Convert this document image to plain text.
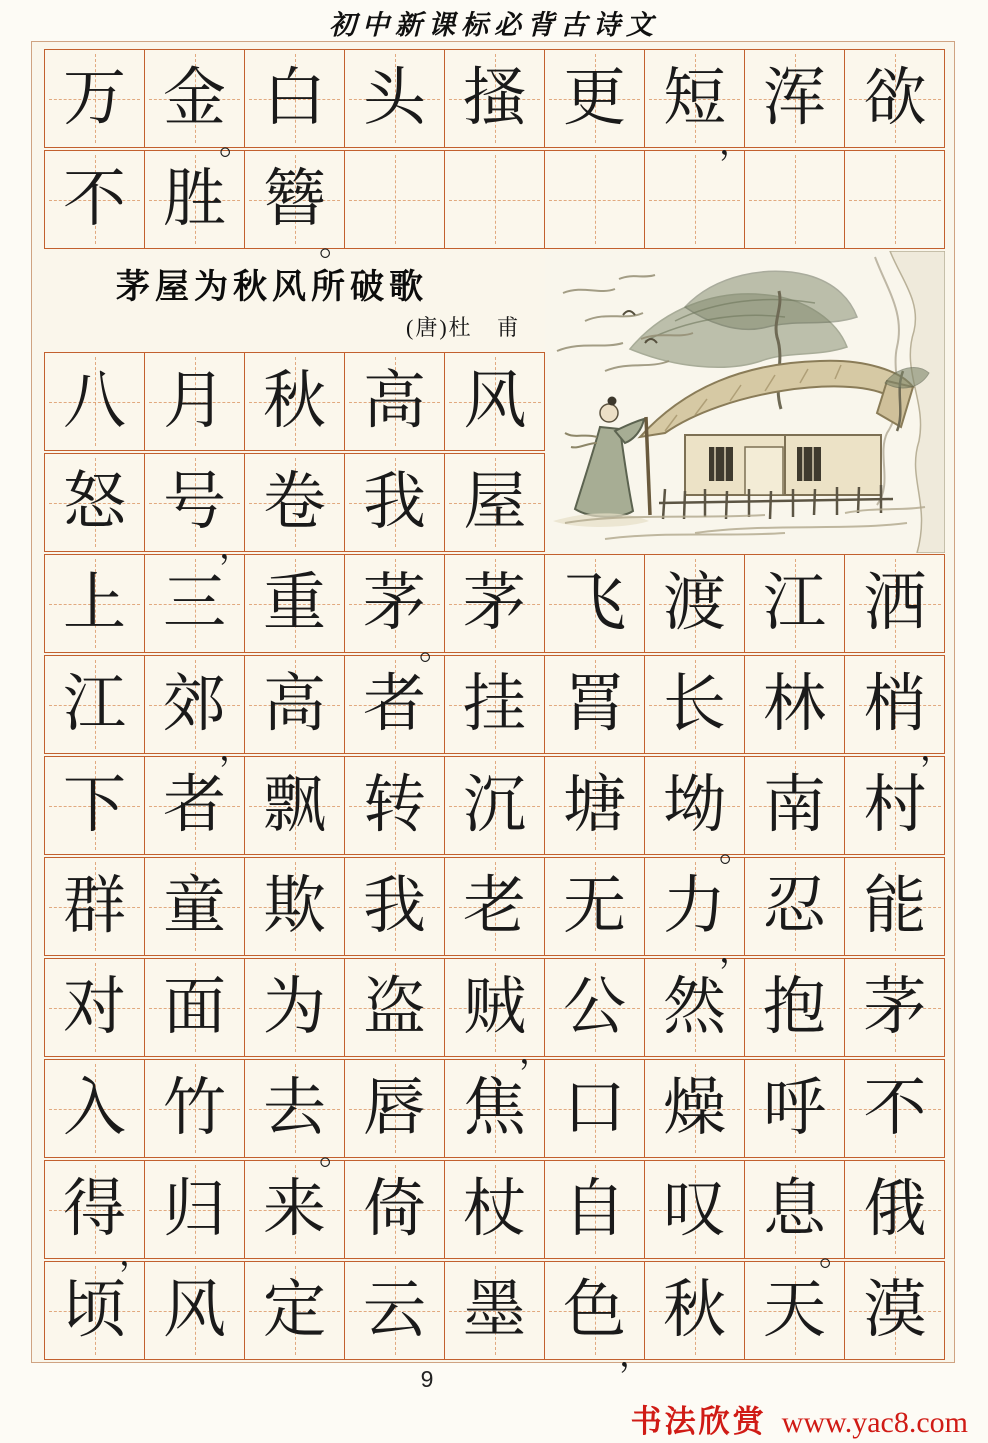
初中新课标必背古诗文
万 金
。
白 头 搔 更 短
，
浑 欲
不 胜 簪
。
茅屋为秋风所破歌
(唐)杜　甫
八 月 秋 高 风
怒 号
，
卷 我 屋
上 三 重 茅
。
茅 飞 渡 江 洒
江 郊
，
高 者 挂 罥 长 林 梢
，
下 者 飘 转 沉 塘 坳
。
南 村
群 童 欺 我 老 无 力
，
忍 能
对 面 为 盗 贼
，
公 然 抱 茅
入 竹 去
。
唇 焦 口 燥 呼 不
得
，
归 来 倚 杖 自 叹 息
。
俄
顷 风 定 云 墨 色
，
秋 天 漠
9
书法欣赏 www.yac8.com
